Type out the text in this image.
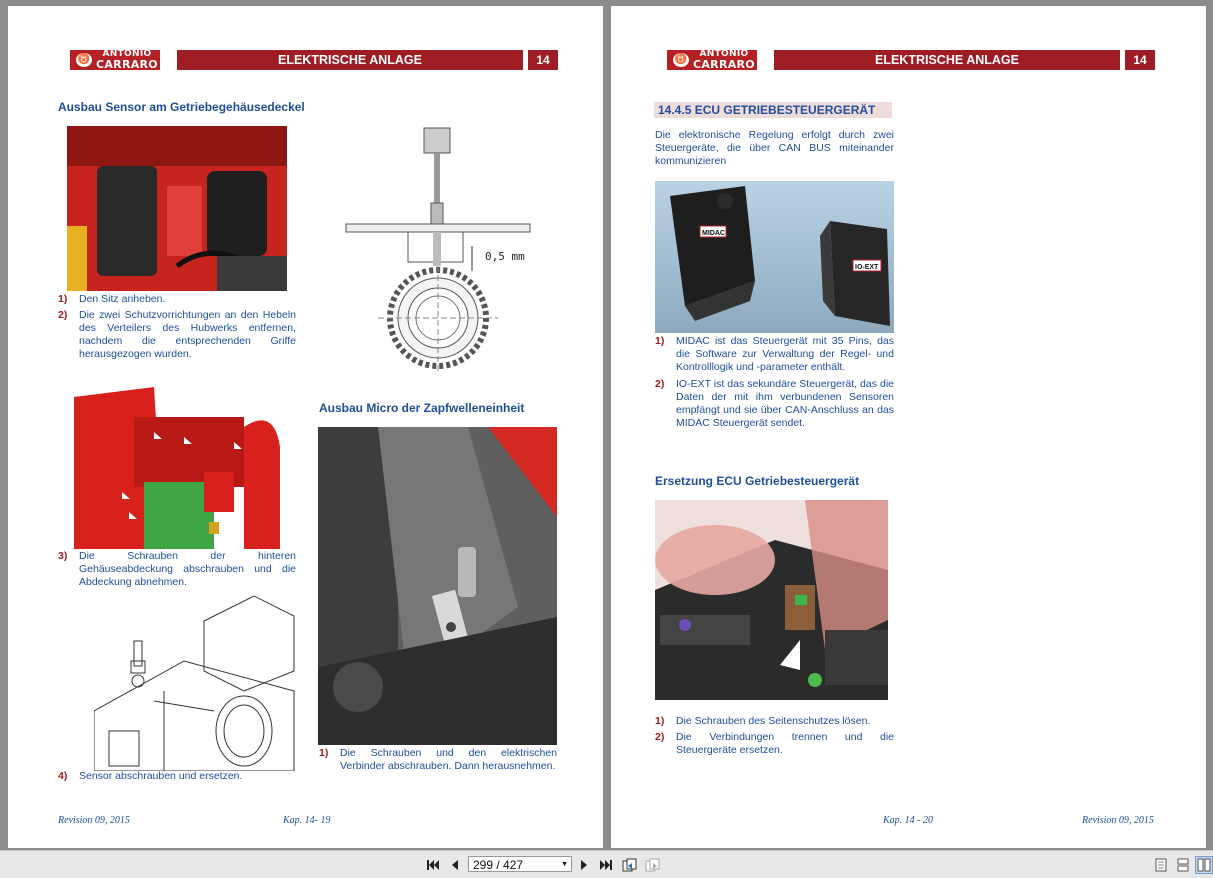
♉ ANTONIO
CARRARO	ELEKTRISCHE ANLAGE	14
Ausbau Sensor am Getriebegehäusedeckel
0,5 mm
1) Den Sitz anheben.
2) Die zwei Schutzvorrichtungen an den Hebeln des Verteilers des Hubwerks entfernen, nachdem die entsprechenden Griffe herausgezogen wurden.
3) Die Schrauben der hinteren Gehäuseabdeckung abschrauben und die Abdeckung abnehmen.
4) Sensor abschrauben und ersetzen.
Ausbau Micro der Zapfwelleneinheit
1) Die Schrauben und den elektrischen Verbinder abschrauben. Dann herausnehmen.
Revision 09, 2015	Kap. 14- 19
♉ ANTONIO
CARRARO	ELEKTRISCHE ANLAGE	14
14.4.5 ECU GETRIEBESTEUERGERÄT
Die elektronische Regelung erfolgt durch zwei Steuergeräte, die über CAN BUS miteinander kommunizieren
MIDAC
IO-EXT
1) MIDAC ist das Steuergerät mit 35 Pins, das die Software zur Verwaltung der Regel- und Kontrolllogik und -parameter enthält.
2) IO-EXT ist das sekundäre Steuergerät, das die Daten der mit ihm verbundenen Sensoren empfängt und sie über CAN-Anschluss an das MIDAC Steuergerät sendet.
Ersetzung ECU Getriebesteuergerät
1) Die Schrauben des Seitenschutzes lösen.
2) Die Verbindungen trennen und die Steuergeräte ersetzen.
Kap. 14 - 20	Revision 09, 2015
299 / 427	▼
